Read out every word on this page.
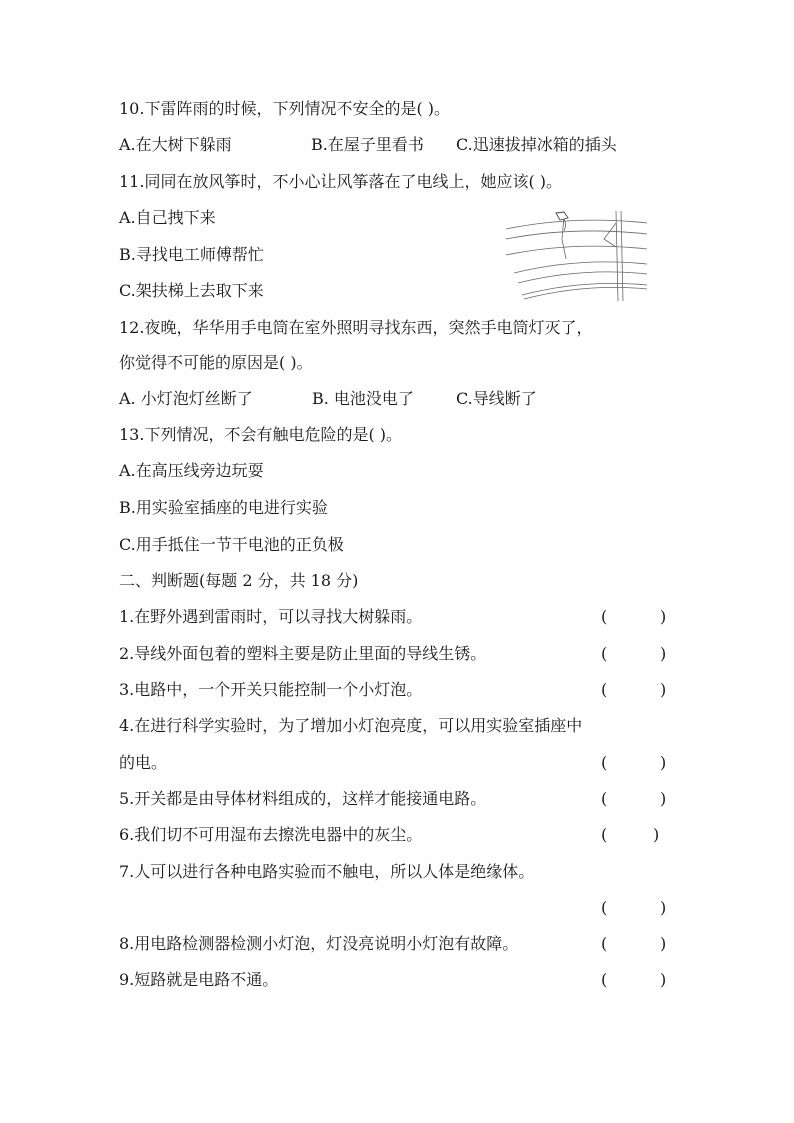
10.下雷阵雨的时候，下列情况不安全的是( )。
A.在大树下躲雨	B.在屋子里看书 C.迅速拔掉冰箱的插头
11.同同在放风筝时，不小心让风筝落在了电线上，她应该( )。
A.自己拽下来
B.寻找电工师傅帮忙
C.架扶梯上去取下来
12.夜晚，华华用手电筒在室外照明寻找东西，突然手电筒灯灭了，
你觉得不可能的原因是( )。
A. 小灯泡灯丝断了	B. 电池没电了	C.导线断了
13.下列情况，不会有触电危险的是( )。
A.在高压线旁边玩耍
B.用实验室插座的电进行实验
C.用手抵住一节干电池的正负极
二、判断题(每题 2 分，共 18 分)
1.在野外遇到雷雨时，可以寻找大树躲雨。	(	)
2.导线外面包着的塑料主要是防止里面的导线生锈。	(	)
3.电路中，一个开关只能控制一个小灯泡。	(	)
4.在进行科学实验时，为了增加小灯泡亮度，可以用实验室插座中
的电。	(	)
5.开关都是由导体材料组成的，这样才能接通电路。	(	)
6.我们切不可用湿布去擦洗电器中的灰尘。	(	)
7.人可以进行各种电路实验而不触电，所以人体是绝缘体。
(	)
8.用电路检测器检测小灯泡，灯没亮说明小灯泡有故障。	(	)
9.短路就是电路不通。	(	)
